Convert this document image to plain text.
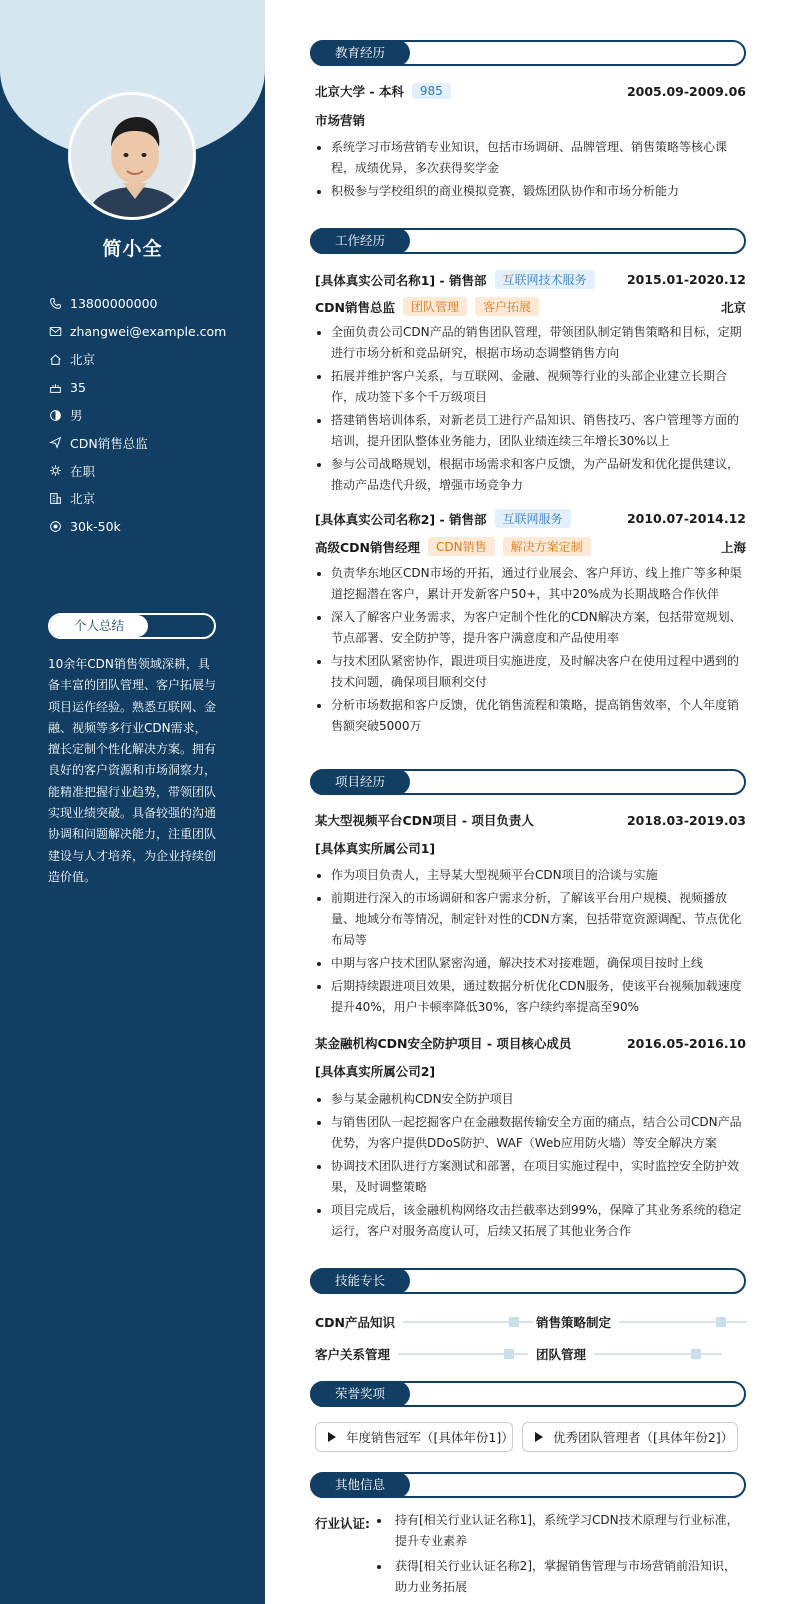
简小全
13800000000
zhangwei@example.com
北京
35
男
CDN销售总监
在职
北京
30k-50k
个人总结
10余年CDN销售领域深耕，具备丰富的团队管理、客户拓展与项目运作经验。熟悉互联网、金融、视频等多行业CDN需求，擅长定制个性化解决方案。拥有良好的客户资源和市场洞察力，能精准把握行业趋势，带领团队实现业绩突破。具备较强的沟通协调和问题解决能力，注重团队建设与人才培养，为企业持续创造价值。
教育经历
北京大学 - 本科	985	2005.09-2009.06
市场营销
系统学习市场营销专业知识，包括市场调研、品牌管理、销售策略等核心课程，成绩优异，多次获得奖学金
积极参与学校组织的商业模拟竞赛，锻炼团队协作和市场分析能力
工作经历
[具体真实公司名称1] - 销售部	互联网技术服务	2015.01-2020.12
CDN销售总监	团队管理	客户拓展	北京
全面负责公司CDN产品的销售团队管理，带领团队制定销售策略和目标，定期进行市场分析和竞品研究，根据市场动态调整销售方向
拓展并维护客户关系，与互联网、金融、视频等行业的头部企业建立长期合作，成功签下多个千万级项目
搭建销售培训体系，对新老员工进行产品知识、销售技巧、客户管理等方面的培训，提升团队整体业务能力，团队业绩连续三年增长30%以上
参与公司战略规划，根据市场需求和客户反馈，为产品研发和优化提供建议，推动产品迭代升级，增强市场竞争力
[具体真实公司名称2] - 销售部	互联网服务	2010.07-2014.12
高级CDN销售经理	CDN销售	解决方案定制	上海
负责华东地区CDN市场的开拓，通过行业展会、客户拜访、线上推广等多种渠道挖掘潜在客户，累计开发新客户50+，其中20%成为长期战略合作伙伴
深入了解客户业务需求，为客户定制个性化的CDN解决方案，包括带宽规划、节点部署、安全防护等，提升客户满意度和产品使用率
与技术团队紧密协作，跟进项目实施进度，及时解决客户在使用过程中遇到的技术问题，确保项目顺利交付
分析市场数据和客户反馈，优化销售流程和策略，提高销售效率，个人年度销售额突破5000万
项目经历
某大型视频平台CDN项目 - 项目负责人	2018.03-2019.03
[具体真实所属公司1]
作为项目负责人，主导某大型视频平台CDN项目的洽谈与实施
前期进行深入的市场调研和客户需求分析，了解该平台用户规模、视频播放量、地域分布等情况，制定针对性的CDN方案，包括带宽资源调配、节点优化布局等
中期与客户技术团队紧密沟通，解决技术对接难题，确保项目按时上线
后期持续跟进项目效果，通过数据分析优化CDN服务，使该平台视频加载速度提升40%，用户卡顿率降低30%，客户续约率提高至90%
某金融机构CDN安全防护项目 - 项目核心成员	2016.05-2016.10
[具体真实所属公司2]
参与某金融机构CDN安全防护项目
与销售团队一起挖掘客户在金融数据传输安全方面的痛点，结合公司CDN产品优势，为客户提供DDoS防护、WAF（Web应用防火墙）等安全解决方案
协调技术团队进行方案测试和部署，在项目实施过程中，实时监控安全防护效果，及时调整策略
项目完成后，该金融机构网络攻击拦截率达到99%，保障了其业务系统的稳定运行，客户对服务高度认可，后续又拓展了其他业务合作
技能专长
CDN产品知识	销售策略制定
客户关系管理	团队管理
荣誉奖项
年度销售冠军（[具体年份1]）	优秀团队管理者（[具体年份2]）
其他信息
行业认证:	持有[相关行业认证名称1]，系统学习CDN技术原理与行业标准，提升专业素养
获得[相关行业认证名称2]，掌握销售管理与市场营销前沿知识，助力业务拓展
